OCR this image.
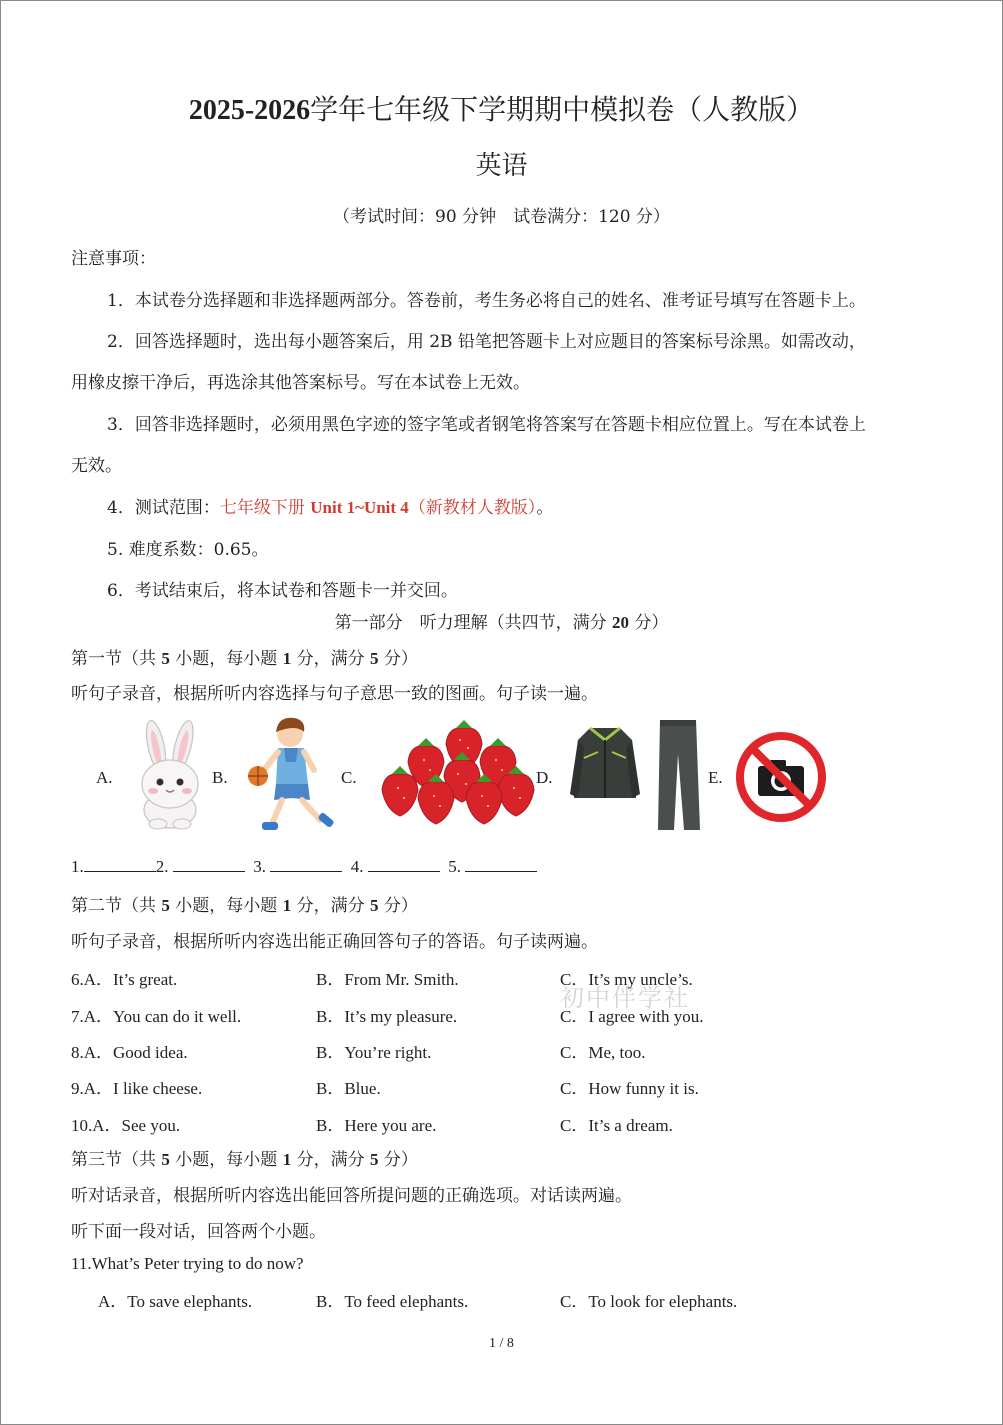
2025-2026学年七年级下学期期中模拟卷（人教版）
英语
（考试时间：90 分钟　试卷满分：120 分）
注意事项：
1．本试卷分选择题和非选择题两部分。答卷前，考生务必将自己的姓名、准考证号填写在答题卡上。
2．回答选择题时，选出每小题答案后，用 2B 铅笔把答题卡上对应题目的答案标号涂黑。如需改动，
用橡皮擦干净后，再选涂其他答案标号。写在本试卷上无效。
3．回答非选择题时，必须用黑色字迹的签字笔或者钢笔将答案写在答题卡相应位置上。写在本试卷上
无效。
4．测试范围：七年级下册 Unit 1~Unit 4（新教材人教版）。
5. 难度系数：0.65。
6．考试结束后，将本试卷和答题卡一并交回。
第一部分　听力理解（共四节，满分 20 分）
第一节（共 5 小题，每小题 1 分，满分 5 分）
听句子录音，根据所听内容选择与句子意思一致的图画。句子读一遍。
A.	B.	C.	D.	E.
1.	2.	3.	4.	5.
第二节（共 5 小题，每小题 1 分，满分 5 分）
听句子录音，根据所听内容选出能正确回答句子的答语。句子读两遍。
初中伴学社
6.A．It’s great.	B．From Mr. Smith.	C．It’s my uncle’s.
7.A．You can do it well.	B．It’s my pleasure.	C．I agree with you.
8.A．Good idea.	B．You’re right.	C．Me, too.
9.A．I like cheese.	B．Blue.	C．How funny it is.
10.A．See you.	B．Here you are.	C．It’s a dream.
第三节（共 5 小题，每小题 1 分，满分 5 分）
听对话录音，根据所听内容选出能回答所提问题的正确选项。对话读两遍。
听下面一段对话，回答两个小题。
11.What’s Peter trying to do now?
A．To save elephants.	B．To feed elephants.	C．To look for elephants.
1 / 8
